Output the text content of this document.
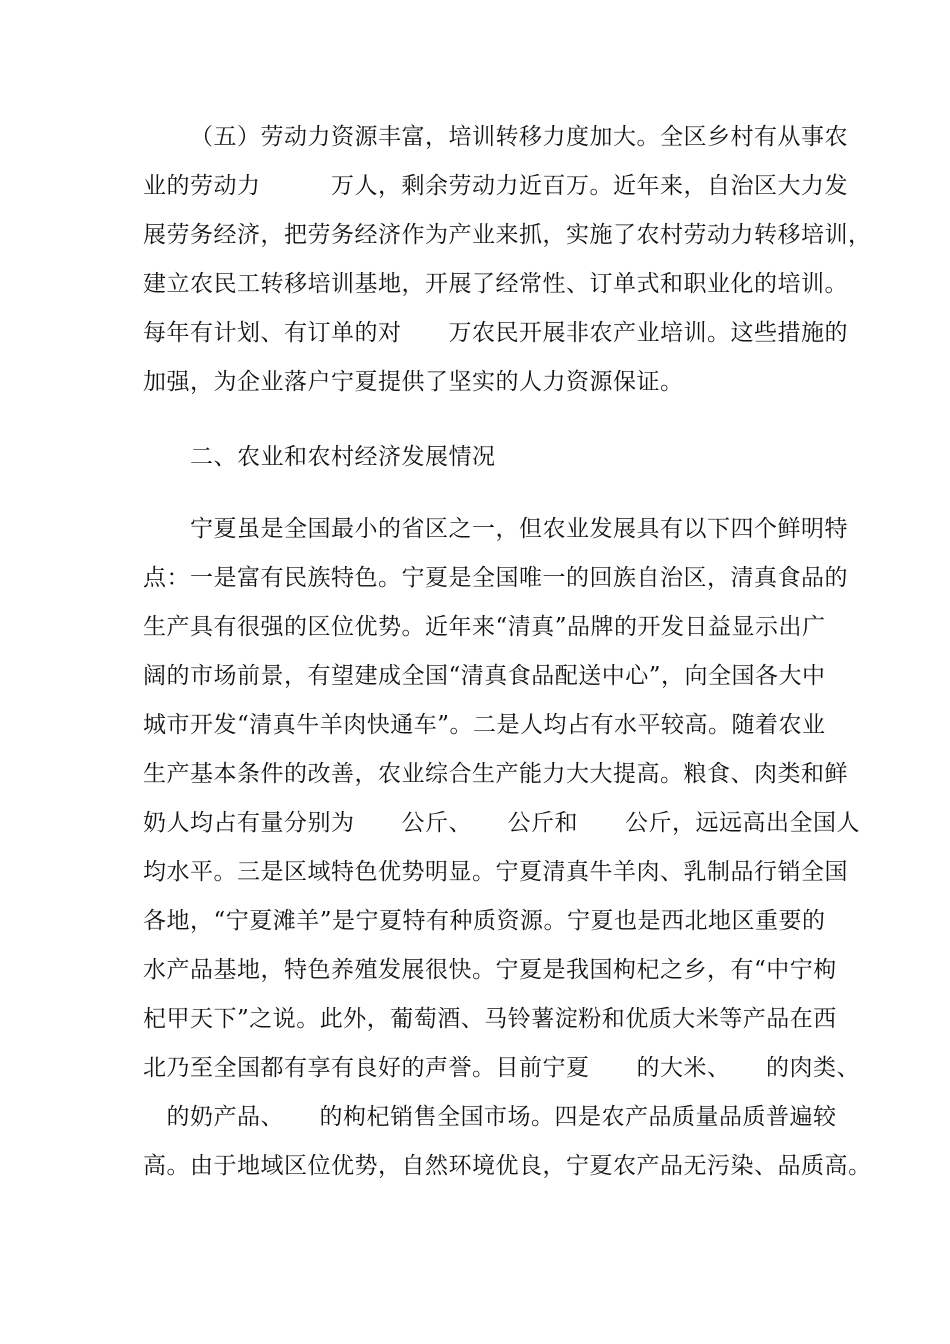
（五）劳动力资源丰富，培训转移力度加大。全区乡村有从事农
业的劳动力　　　万人，剩余劳动力近百万。近年来，自治区大力发
展劳务经济，把劳务经济作为产业来抓，实施了农村劳动力转移培训，
建立农民工转移培训基地，开展了经常性、订单式和职业化的培训。
每年有计划、有订单的对　　万农民开展非农产业培训。这些措施的
加强，为企业落户宁夏提供了坚实的人力资源保证。
二、农业和农村经济发展情况
宁夏虽是全国最小的省区之一，但农业发展具有以下四个鲜明特
点：一是富有民族特色。宁夏是全国唯一的回族自治区，清真食品的
生产具有很强的区位优势。近年来“清真”品牌的开发日益显示出广
阔的市场前景，有望建成全国“清真食品配送中心”，向全国各大中
城市开发“清真牛羊肉快通车”。二是人均占有水平较高。随着农业
生产基本条件的改善，农业综合生产能力大大提高。粮食、肉类和鲜
奶人均占有量分别为　　公斤、　　公斤和　　公斤，远远高出全国人
均水平。三是区域特色优势明显。宁夏清真牛羊肉、乳制品行销全国
各地，“宁夏滩羊”是宁夏特有种质资源。宁夏也是西北地区重要的
水产品基地，特色养殖发展很快。宁夏是我国枸杞之乡，有“中宁枸
杞甲天下”之说。此外，葡萄酒、马铃薯淀粉和优质大米等产品在西
北乃至全国都有享有良好的声誉。目前宁夏　　的大米、　　的肉类、
　的奶产品、　　的枸杞销售全国市场。四是农产品质量品质普遍较
高。由于地域区位优势，自然环境优良，宁夏农产品无污染、品质高。
